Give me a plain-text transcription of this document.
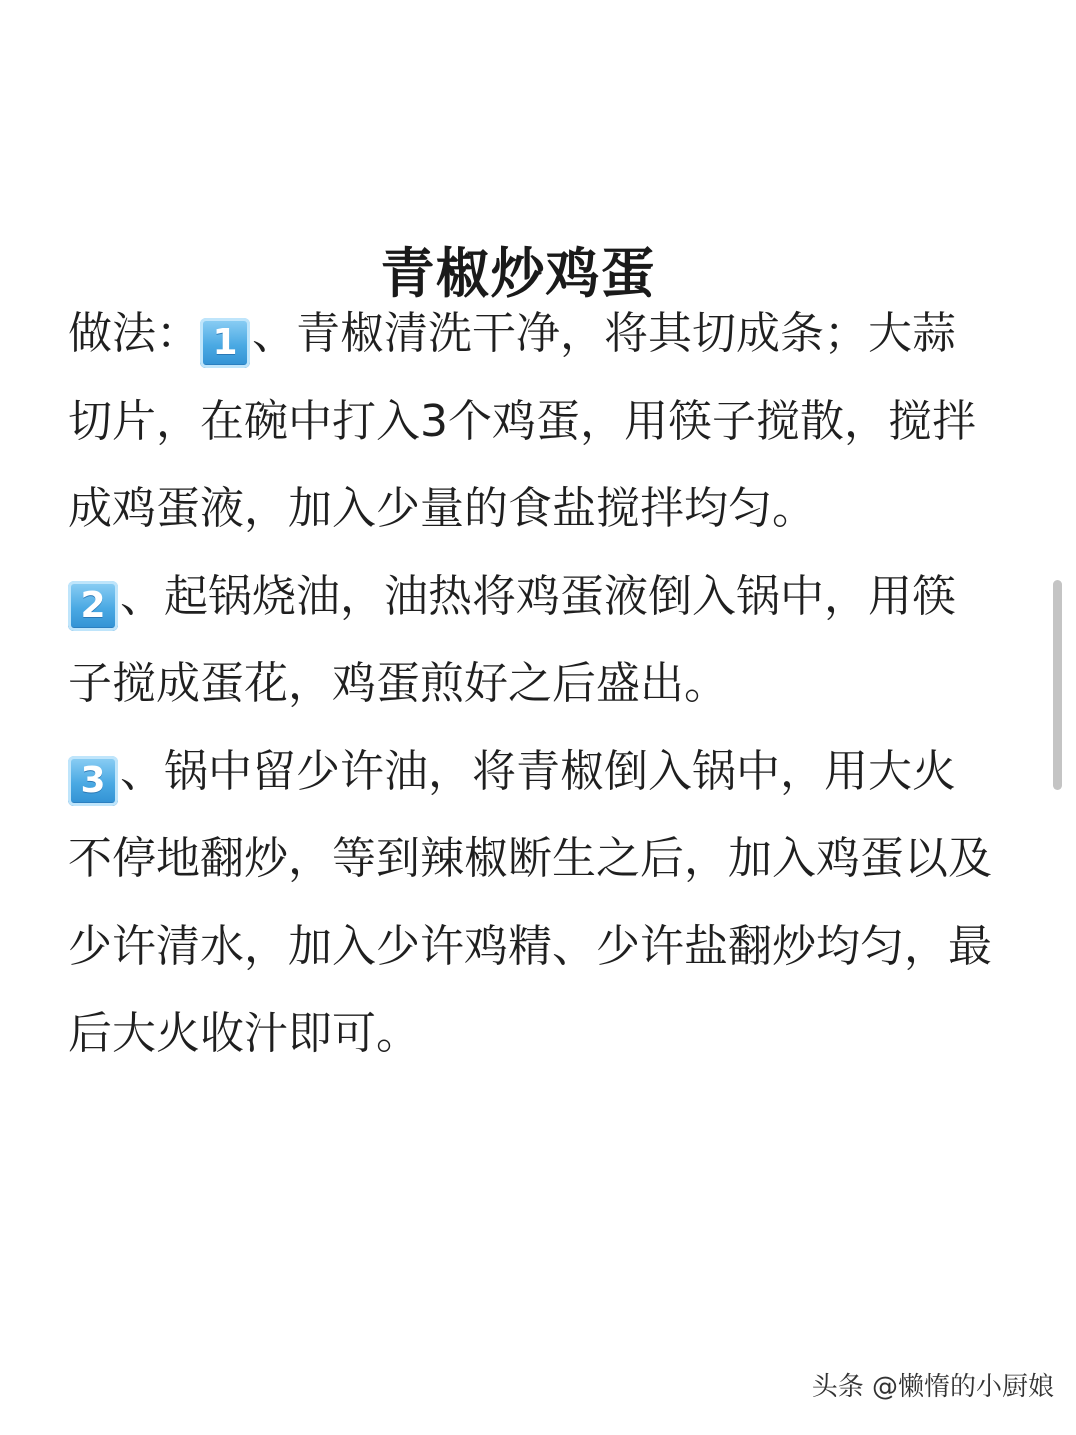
青椒炒鸡蛋

做法： 1 、青椒清洗干净，将其切成条；大蒜切片，在碗中打入3个鸡蛋，用筷子搅散，搅拌成鸡蛋液，加入少量的食盐搅拌均匀。

2 、起锅烧油，油热将鸡蛋液倒入锅中，用筷子搅成蛋花，鸡蛋煎好之后盛出。

3 、锅中留少许油，将青椒倒入锅中，用大火不停地翻炒，等到辣椒断生之后，加入鸡蛋以及少许清水，加入少许鸡精、少许盐翻炒均匀，最后大火收汁即可。

头条 @懒惰的小厨娘
